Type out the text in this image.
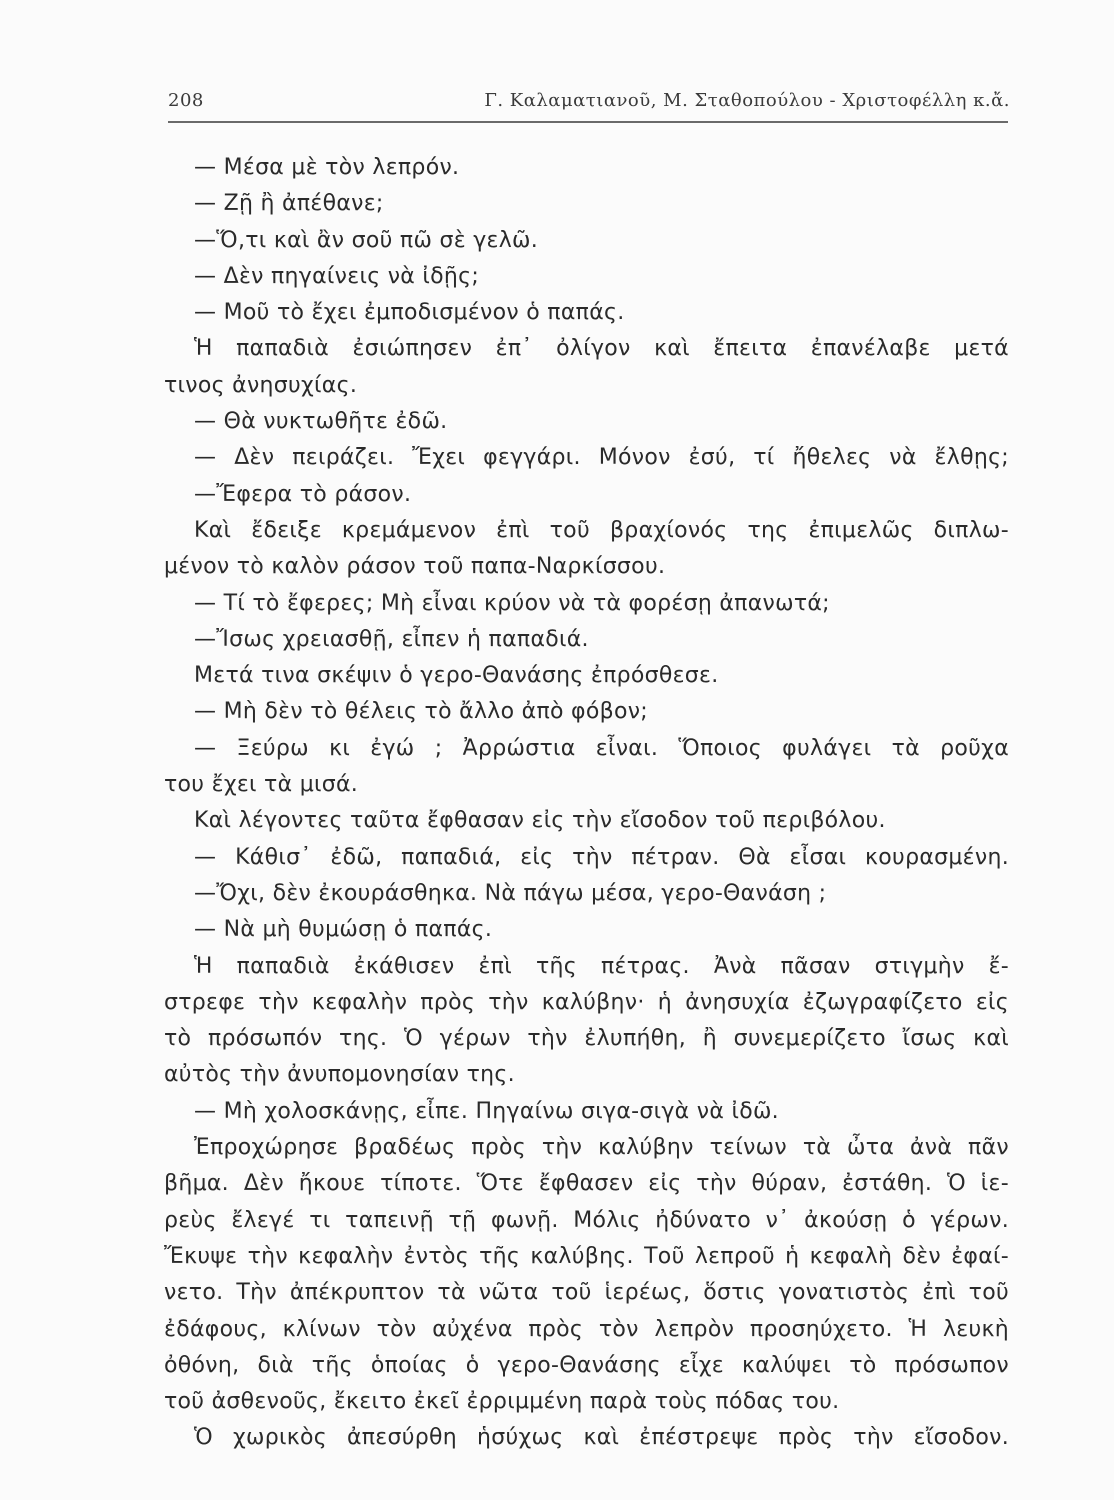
208	Γ. Καλαματιανοῦ, Μ. Σταθοπούλου - Χριστοφέλλη κ.ἄ.
— Μέσα μὲ τὸν λεπρόν.
— Ζῇ ἢ ἀπέθανε;
—Ὅ,τι καὶ ἂν σοῦ πῶ σὲ γελῶ.
— Δὲν πηγαίνεις νὰ ἰδῇς;
— Μοῦ τὸ ἔχει ἐμποδισμένον ὁ παπάς.
Ἡ παπαδιὰ ἐσιώπησεν ἐπ᾽ ὀλίγον καὶ ἔπειτα ἐπανέλαβε μετά
τινος ἀνησυχίας.
— Θὰ νυκτωθῆτε ἐδῶ.
— Δὲν πειράζει. Ἔχει φεγγάρι. Μόνον ἐσύ, τί ἤθελες νὰ ἔλθῃς;
—Ἔφερα τὸ ράσον.
Καὶ ἔδειξε κρεμάμενον ἐπὶ τοῦ βραχίονός της ἐπιμελῶς διπλω-
μένον τὸ καλὸν ράσον τοῦ παπα-Ναρκίσσου.
— Τί τὸ ἔφερες; Μὴ εἶναι κρύον νὰ τὰ φορέσῃ ἀπανωτά;
—Ἴσως χρειασθῇ, εἶπεν ἡ παπαδιά.
Μετά τινα σκέψιν ὁ γερο-Θανάσης ἐπρόσθεσε.
— Μὴ δὲν τὸ θέλεις τὸ ἄλλο ἀπὸ φόβον;
— Ξεύρω κι ἐγώ ; Ἀρρώστια εἶναι. Ὅποιος φυλάγει τὰ ροῦχα
του ἔχει τὰ μισά.
Καὶ λέγοντες ταῦτα ἔφθασαν εἰς τὴν εἴσοδον τοῦ περιβόλου.
— Κάθισ᾽ ἐδῶ, παπαδιά, εἰς τὴν πέτραν. Θὰ εἶσαι κουρασμένη.
—Ὄχι, δὲν ἐκουράσθηκα. Νὰ πάγω μέσα, γερο-Θανάση ;
— Νὰ μὴ θυμώσῃ ὁ παπάς.
Ἡ παπαδιὰ ἐκάθισεν ἐπὶ τῆς πέτρας. Ἀνὰ πᾶσαν στιγμὴν ἔ-
στρεφε τὴν κεφαλὴν πρὸς τὴν καλύβην· ἡ ἀνησυχία ἐζωγραφίζετο εἰς
τὸ πρόσωπόν της. Ὁ γέρων τὴν ἐλυπήθη, ἢ συνεμερίζετο ἴσως καὶ
αὐτὸς τὴν ἀνυπομονησίαν της.
— Μὴ χολοσκάνῃς, εἶπε. Πηγαίνω σιγα-σιγὰ νὰ ἰδῶ.
Ἐπροχώρησε βραδέως πρὸς τὴν καλύβην τείνων τὰ ὦτα ἀνὰ πᾶν
βῆμα. Δὲν ἤκουε τίποτε. Ὅτε ἔφθασεν εἰς τὴν θύραν, ἐστάθη. Ὁ ἱε-
ρεὺς ἔλεγέ τι ταπεινῇ τῇ φωνῇ. Μόλις ἠδύνατο ν᾽ ἀκούσῃ ὁ γέρων.
Ἔκυψε τὴν κεφαλὴν ἐντὸς τῆς καλύβης. Τοῦ λεπροῦ ἡ κεφαλὴ δὲν ἐφαί-
νετο. Τὴν ἀπέκρυπτον τὰ νῶτα τοῦ ἱερέως, ὅστις γονατιστὸς ἐπὶ τοῦ
ἐδάφους, κλίνων τὸν αὐχένα πρὸς τὸν λεπρὸν προσηύχετο. Ἡ λευκὴ
ὀθόνη, διὰ τῆς ὁποίας ὁ γερο-Θανάσης εἶχε καλύψει τὸ πρόσωπον
τοῦ ἀσθενοῦς, ἔκειτο ἐκεῖ ἐρριμμένη παρὰ τοὺς πόδας του.
Ὁ χωρικὸς ἀπεσύρθη ἡσύχως καὶ ἐπέστρεψε πρὸς τὴν εἴσοδον.
